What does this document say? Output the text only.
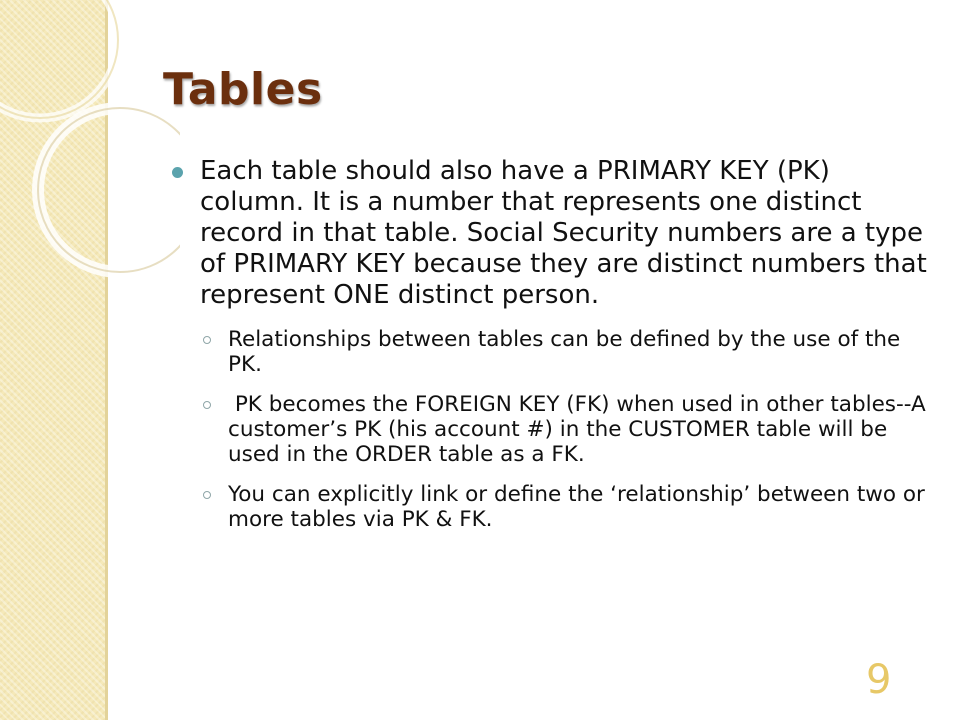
Tables
Each table should also have a PRIMARY KEY (PK) column. It is a number that represents one distinct record in that table. Social Security numbers are a type of PRIMARY KEY because they are distinct numbers that represent ONE distinct person.
Relationships between tables can be defined by the use of the PK.
PK becomes the FOREIGN KEY (FK) when used in other tables--A customer’s PK (his account #) in the CUSTOMER table will be used in the ORDER table as a FK.
You can explicitly link or define the ‘relationship’ between two or more tables via PK & FK.
9
